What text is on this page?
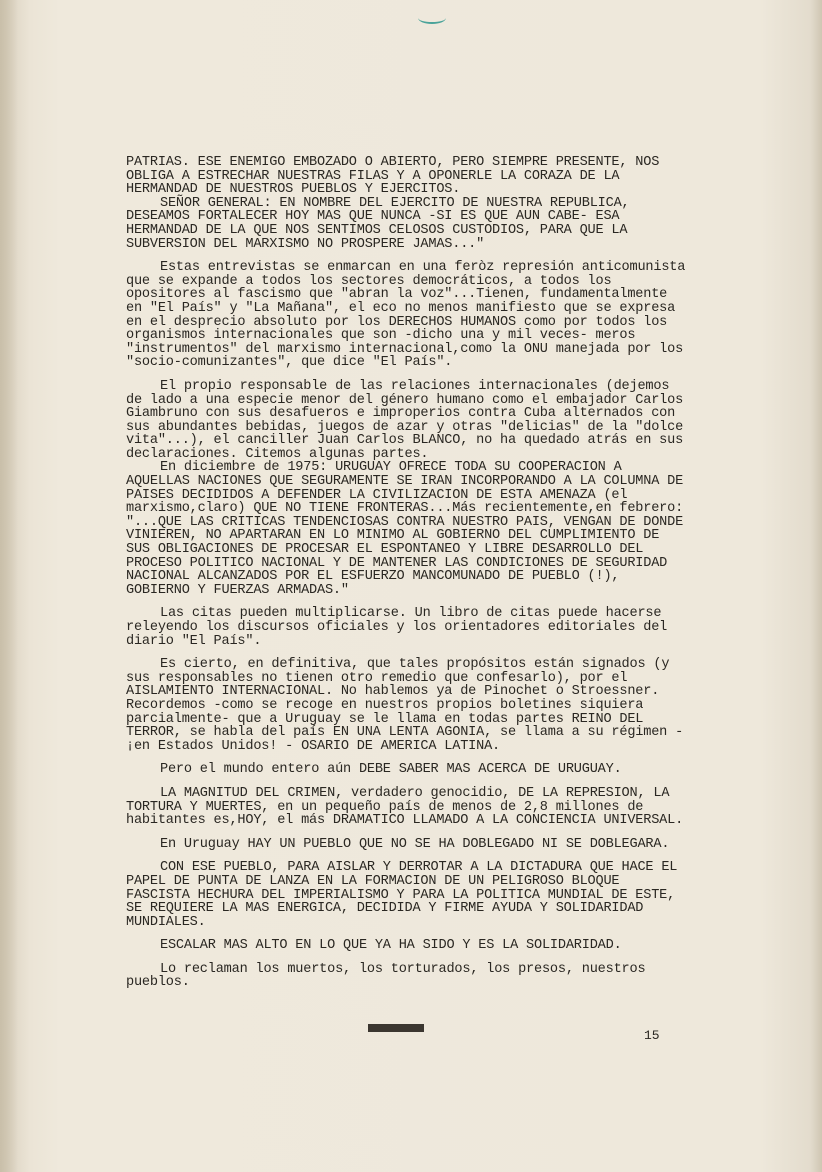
PATRIAS. ESE ENEMIGO EMBOZADO O ABIERTO, PERO SIEMPRE PRESENTE, NOS OBLIGA A ESTRECHAR NUESTRAS FILAS Y A OPONERLE LA CORAZA DE LA HERMANDAD DE NUESTROS PUEBLOS Y EJERCITOS.

SEÑOR GENERAL: EN NOMBRE DEL EJERCITO DE NUESTRA REPUBLICA, DESEAMOS FORTALECER HOY MAS QUE NUNCA -SI ES QUE AUN CABE- ESA HERMANDAD DE LA QUE NOS SENTIMOS CELOSOS CUSTODIOS, PARA QUE LA SUBVERSION DEL MARXISMO NO PROSPERE JAMAS..."

Estas entrevistas se enmarcan en una feròz represión anticomunista que se expande a todos los sectores democráticos, a todos los opositores al fascismo que "abran la voz"...Tienen, fundamentalmente en "El País" y "La Mañana", el eco no menos manifiesto que se expresa en el desprecio absoluto por los DERECHOS HUMANOS como por todos los organismos internacionales que son -dicho una y mil veces- meros "instrumentos" del marxismo internacional,como la ONU manejada por los "socio-comunizantes", que dice "El País".

El propio responsable de las relaciones internacionales (dejemos de lado a una especie menor del género humano como el embajador Carlos Giambruno con sus desafueros e improperios contra Cuba alternados con sus abundantes bebidas, juegos de azar y otras "delicias" de la "dolce vita"...), el canciller Juan Carlos BLANCO, no ha quedado atrás en sus declaraciones. Citemos algunas partes.

En diciembre de 1975: URUGUAY OFRECE TODA SU COOPERACION A AQUELLAS NACIONES QUE SEGURAMENTE SE IRAN INCORPORANDO A LA COLUMNA DE PAISES DECIDIDOS A DEFENDER LA CIVILIZACION DE ESTA AMENAZA (el marxismo,claro) QUE NO TIENE FRONTERAS...Más recientemente,en febrero: "...QUE LAS CRITICAS TENDENCIOSAS CONTRA NUESTRO PAIS, VENGAN DE DONDE VINIEREN, NO APARTARAN EN LO MINIMO AL GOBIERNO DEL CUMPLIMIENTO DE SUS OBLIGACIONES DE PROCESAR EL ESPONTANEO Y LIBRE DESARROLLO DEL PROCESO POLITICO NACIONAL Y DE MANTENER LAS CONDICIONES DE SEGURIDAD NACIONAL ALCANZADOS POR EL ESFUERZO MANCOMUNADO DE PUEBLO (!), GOBIERNO Y FUERZAS ARMADAS."

Las citas pueden multiplicarse. Un libro de citas puede hacerse releyendo los discursos oficiales y los orientadores editoriales del diario "El País".

Es cierto, en definitiva, que tales propósitos están signados (y sus responsables no tienen otro remedio que confesarlo), por el AISLAMIENTO INTERNACIONAL. No hablemos ya de Pinochet o Stroessner. Recordemos -como se recoge en nuestros propios boletines siquiera parcialmente- que a Uruguay se le llama en todas partes REINO DEL TERROR, se habla del país EN UNA LENTA AGONIA, se llama a su régimen -¡en Estados Unidos! - OSARIO DE AMERICA LATINA.

Pero el mundo entero aún DEBE SABER MAS ACERCA DE URUGUAY.

LA MAGNITUD DEL CRIMEN, verdadero genocidio, DE LA REPRESION, LA TORTURA Y MUERTES, en un pequeño país de menos de 2,8 millones de habitantes es,HOY, el más DRAMATICO LLAMADO A LA CONCIENCIA UNIVERSAL.

En Uruguay HAY UN PUEBLO QUE NO SE HA DOBLEGADO NI SE DOBLEGARA.

CON ESE PUEBLO, PARA AISLAR Y DERROTAR A LA DICTADURA QUE HACE EL PAPEL DE PUNTA DE LANZA EN LA FORMACION DE UN PELIGROSO BLOQUE FASCISTA HECHURA DEL IMPERIALISMO Y PARA LA POLITICA MUNDIAL DE ESTE, SE REQUIERE LA MAS ENERGICA, DECIDIDA Y FIRME AYUDA Y SOLIDARIDAD MUNDIALES.

ESCALAR MAS ALTO EN LO QUE YA HA SIDO Y ES LA SOLIDARIDAD.

Lo reclaman los muertos, los torturados, los presos, nuestros pueblos.

15
